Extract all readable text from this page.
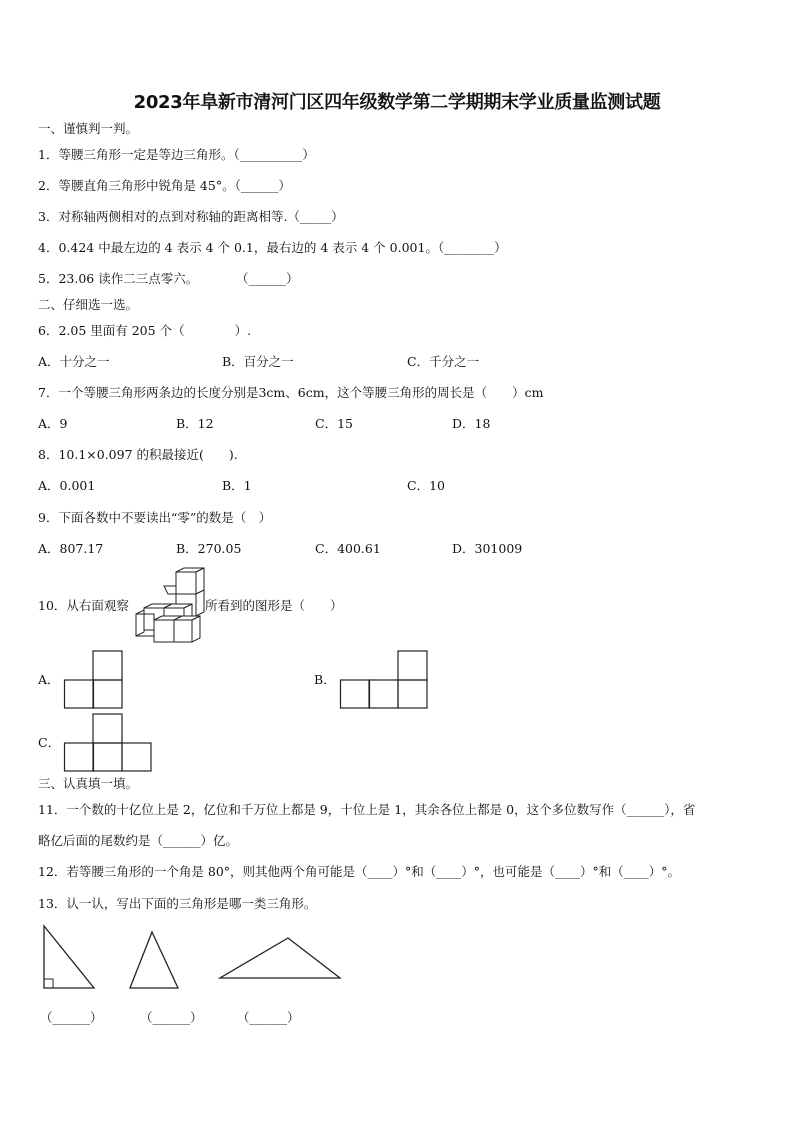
2023年阜新市清河门区四年级数学第二学期期末学业质量监测试题
一、谨慎判一判。
1．等腰三角形一定是等边三角形。（__________）
2．等腰直角三角形中锐角是 45°。（______）
3．对称轴两侧相对的点到对称轴的距离相等.（_____）
4．0.424 中最左边的 4 表示 4 个 0.1，最右边的 4 表示 4 个 0.001。（________）
5．23.06 读作二三点零六。	（______）
二、仔细选一选。
6．2.05 里面有 205 个（　　　　）.
A．十分之一	B．百分之一	C．千分之一
7．一个等腰三角形两条边的长度分别是3cm、6cm，这个等腰三角形的周长是（　　）cm
A．9	B．12	C．15	D．18
8．10.1×0.097 的积最接近(　　).
A．0.001	B．1	C．10
9．下面各数中不要读出“零”的数是（　）
A．807.17	B．270.05	C．400.61	D．301009
10．从右面观察	所看到的图形是（　　）
A．	B．
C．
三、认真填一填。
11．一个数的十亿位上是 2，亿位和千万位上都是 9，十位上是 1，其余各位上都是 0，这个多位数写作（______），省
略亿后面的尾数约是（______）亿。
12．若等腰三角形的一个角是 80°，则其他两个角可能是（____）°和（____）°，也可能是（____）°和（____）°。
13．认一认，写出下面的三角形是哪一类三角形。
（______）	（______）	（______）
